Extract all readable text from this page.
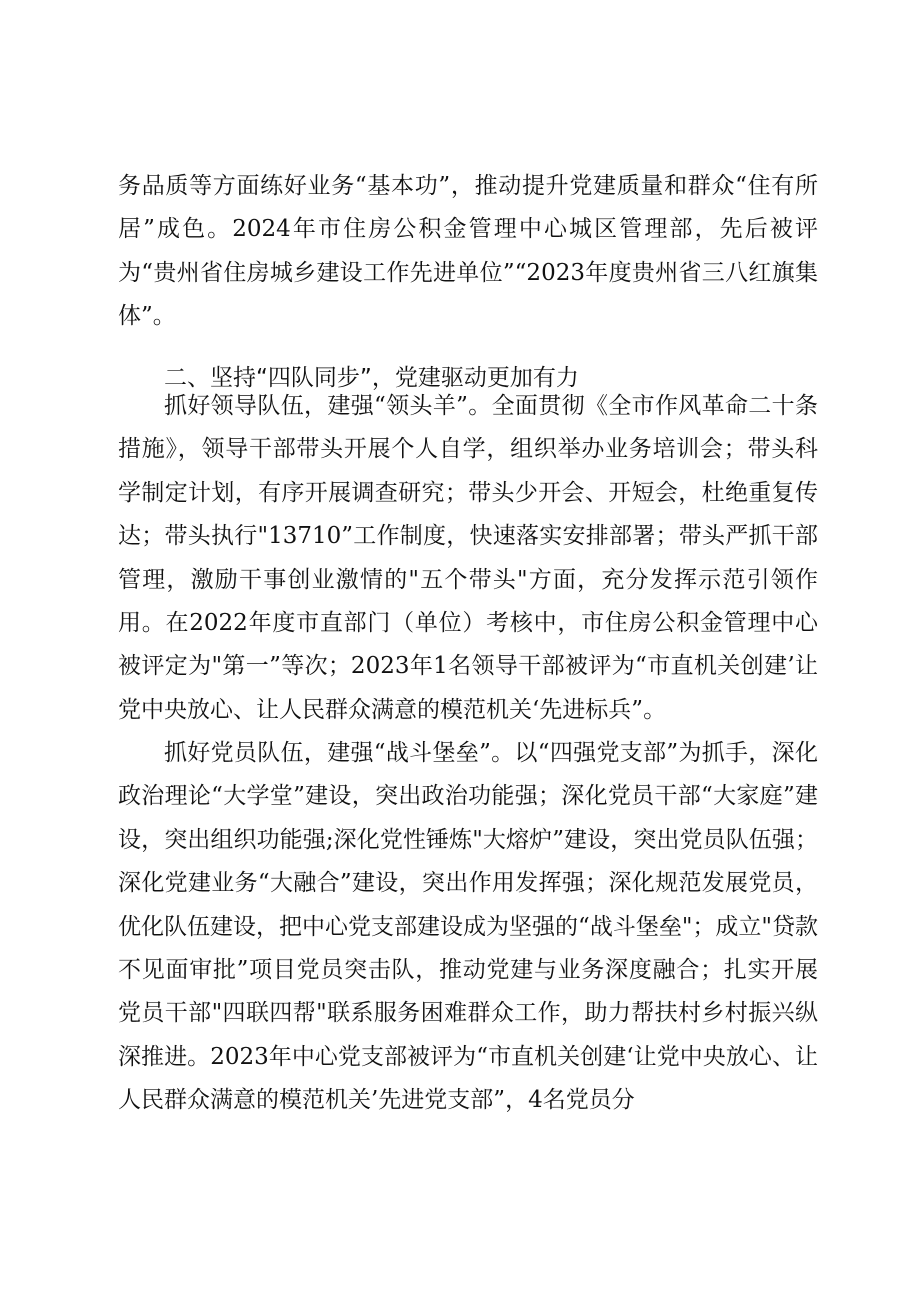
务品质等方面练好业务“基本功”，推动提升党建质量和群众“住有所居”成色。2024年市住房公积金管理中心城区管理部，先后被评为“贵州省住房城乡建设工作先进单位”“2023年度贵州省三八红旗集体”。

二、坚持“四队同步”，党建驱动更加有力

抓好领导队伍，建强“领头羊”。全面贯彻《全市作风革命二十条措施》，领导干部带头开展个人自学，组织举办业务培训会；带头科学制定计划，有序开展调查研究；带头少开会、开短会，杜绝重复传达；带头执行"13710”工作制度，快速落实安排部署；带头严抓干部管理，激励干事创业激情的"五个带头"方面，充分发挥示范引领作用。在2022年度市直部门（单位）考核中，市住房公积金管理中心被评定为"第一”等次；2023年1名领导干部被评为“市直机关创建’让党中央放心、让人民群众满意的模范机关‘先进标兵”。

抓好党员队伍，建强“战斗堡垒”。以“四强党支部”为抓手，深化政治理论“大学堂”建设，突出政治功能强；深化党员干部“大家庭”建设，突出组织功能强;深化党性锤炼"大熔炉”建设，突出党员队伍强；深化党建业务“大融合”建设，突出作用发挥强；深化规范发展党员，优化队伍建设，把中心党支部建设成为坚强的“战斗堡垒"；成立"贷款不见面审批”项目党员突击队，推动党建与业务深度融合；扎实开展党员干部"四联四帮"联系服务困难群众工作，助力帮扶村乡村振兴纵深推进。2023年中心党支部被评为“市直机关创建‘让党中央放心、让人民群众满意的模范机关’先进党支部”，4名党员分
